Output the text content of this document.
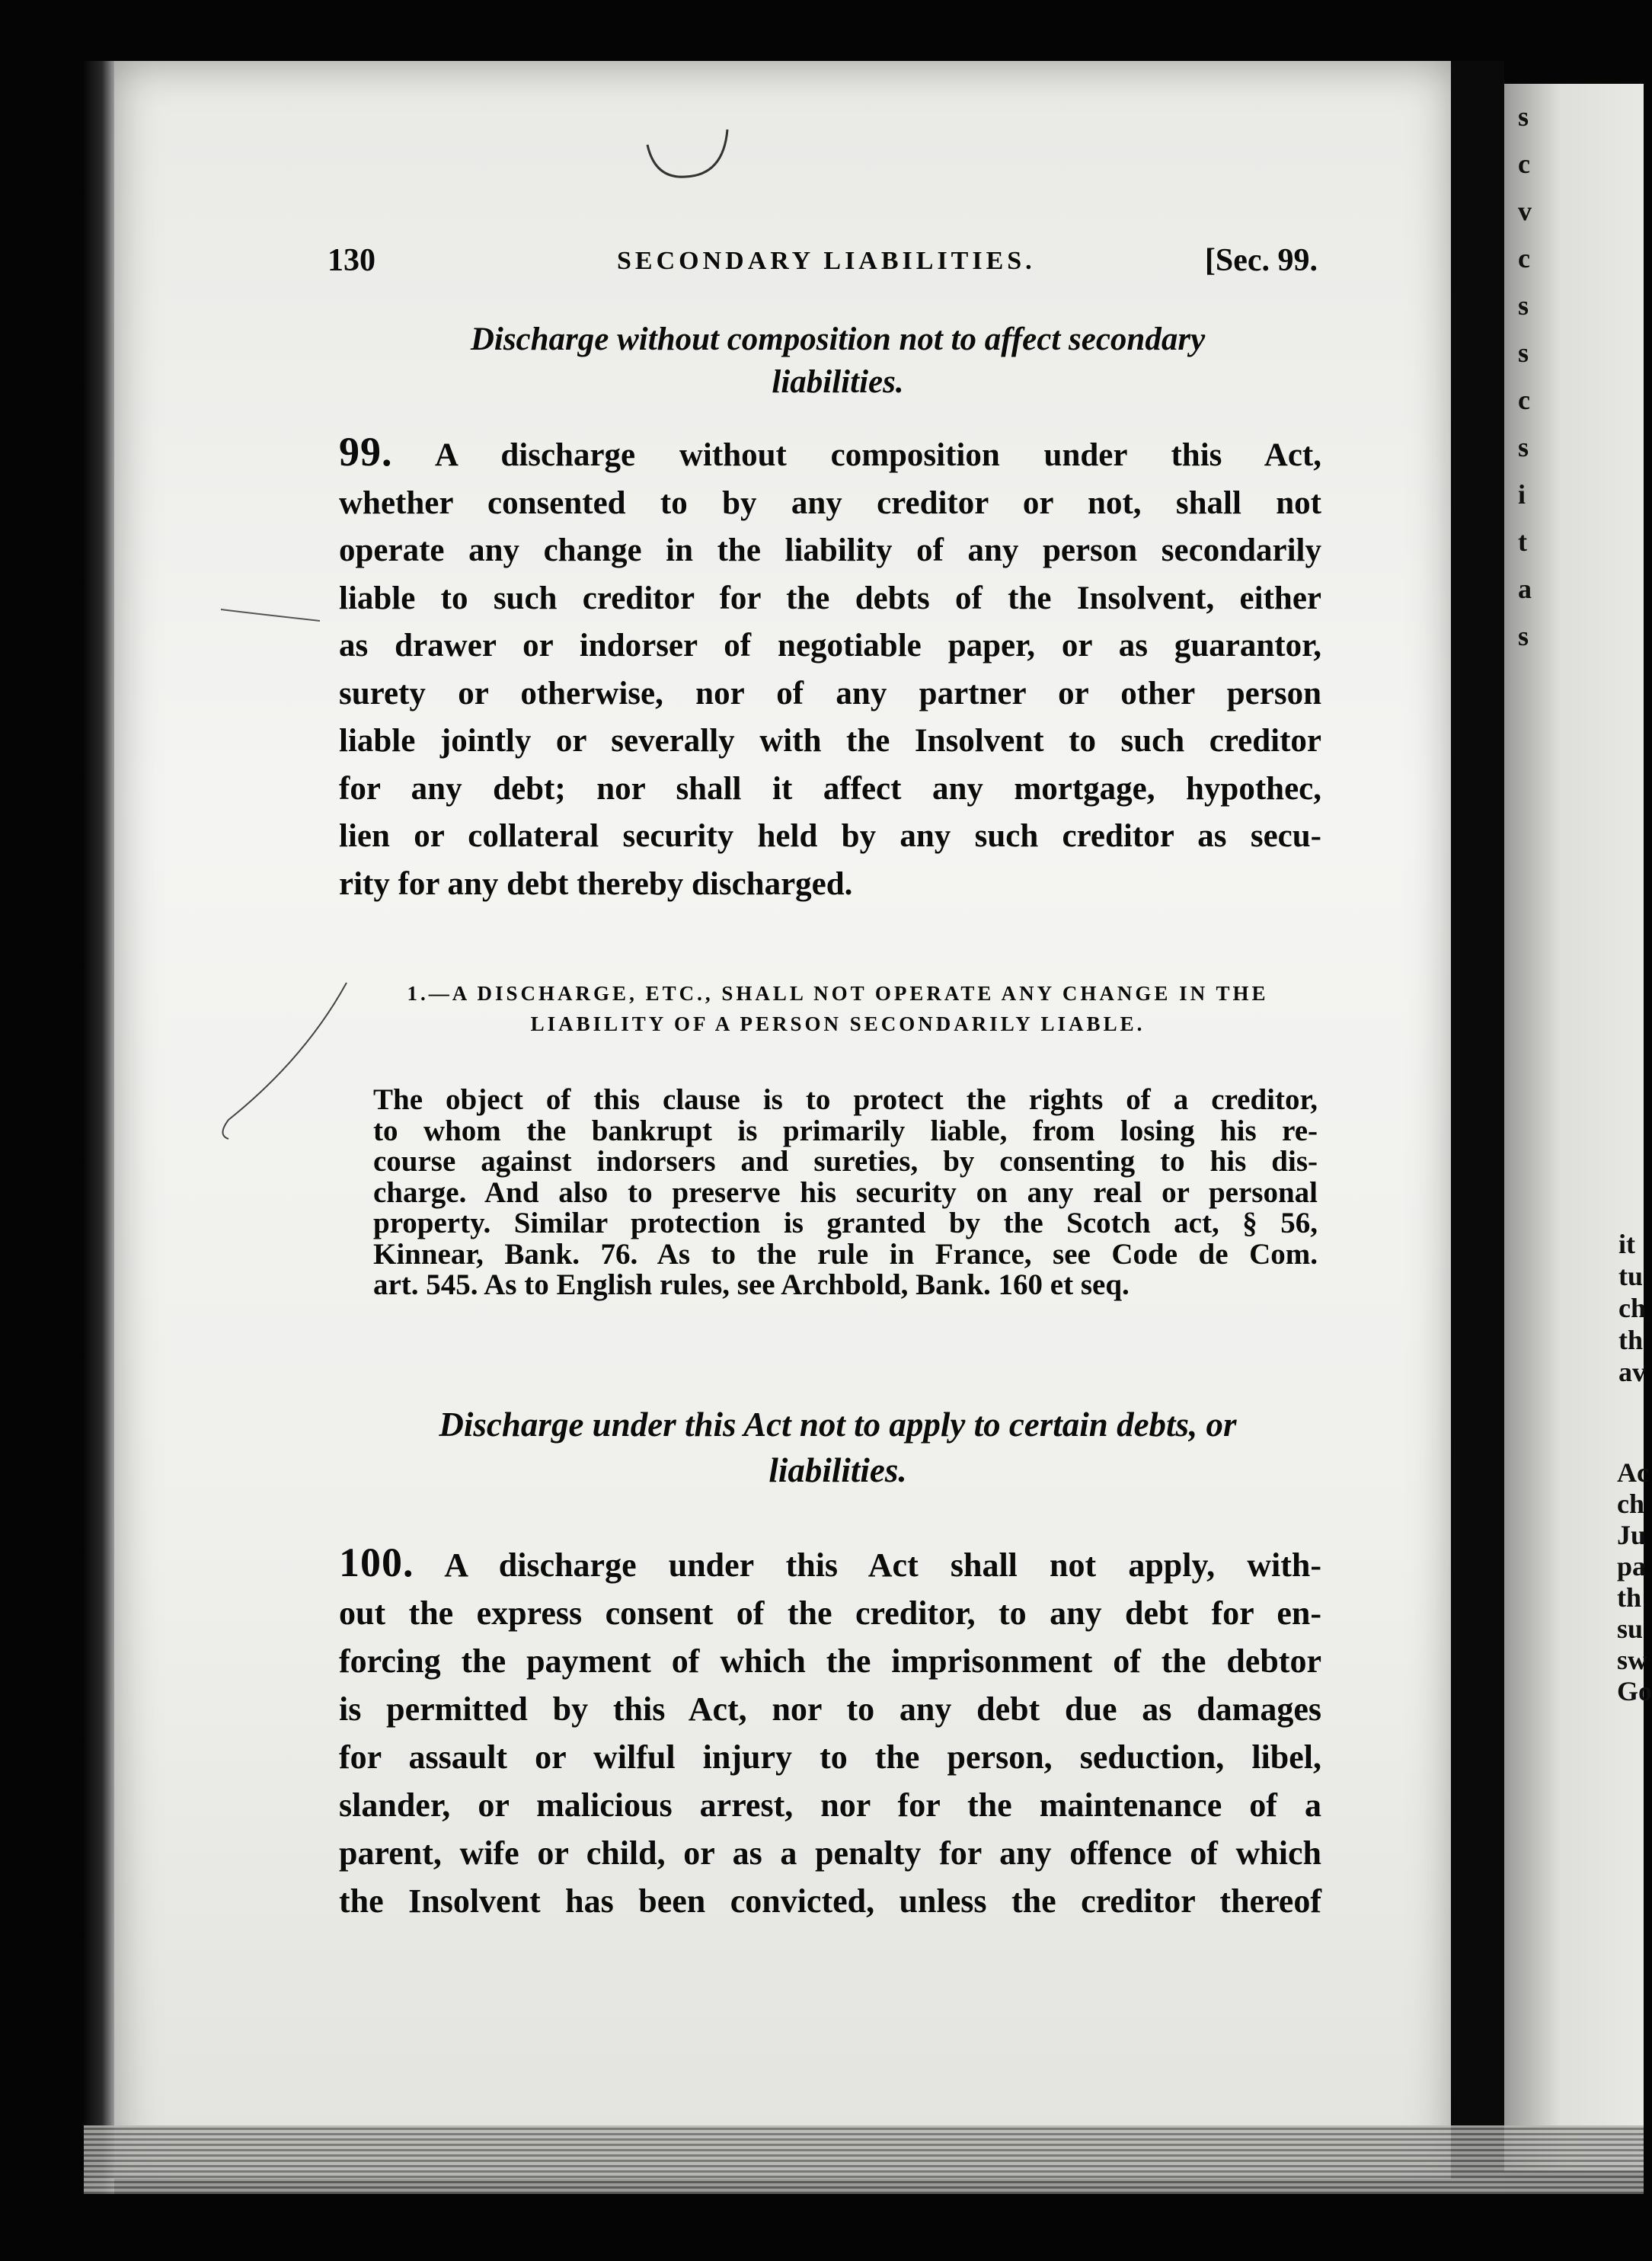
s
c
v
c
s
s
c
s
i
t
a
s
it
tu
ch
th
av
Ac
ch
Ju
pa
th
su
sw
Go
130	SECONDARY LIABILITIES.	[Sec. 99.
Discharge without composition not to affect secondary
liabilities.
99. A discharge without composition under this Act,
whether consented to by any creditor or not, shall not
operate any change in the liability of any person secondarily
liable to such creditor for the debts of the Insolvent, either
as drawer or indorser of negotiable paper, or as guarantor,
surety or otherwise, nor of any partner or other person
liable jointly or severally with the Insolvent to such creditor
for any debt; nor shall it affect any mortgage, hypothec,
lien or collateral security held by any such creditor as secu-
rity for any debt thereby discharged.
1.—A DISCHARGE, ETC., SHALL NOT OPERATE ANY CHANGE IN THE
LIABILITY OF A PERSON SECONDARILY LIABLE.
The object of this clause is to protect the rights of a creditor,
to whom the bankrupt is primarily liable, from losing his re-
course against indorsers and sureties, by consenting to his dis-
charge. And also to preserve his security on any real or personal
property. Similar protection is granted by the Scotch act, § 56,
Kinnear, Bank. 76. As to the rule in France, see Code de Com.
art. 545. As to English rules, see Archbold, Bank. 160 et seq.
Discharge under this Act not to apply to certain debts, or
liabilities.
100. A discharge under this Act shall not apply, with-
out the express consent of the creditor, to any debt for en-
forcing the payment of which the imprisonment of the debtor
is permitted by this Act, nor to any debt due as damages
for assault or wilful injury to the person, seduction, libel,
slander, or malicious arrest, nor for the maintenance of a
parent, wife or child, or as a penalty for any offence of which
the Insolvent has been convicted, unless the creditor thereof
